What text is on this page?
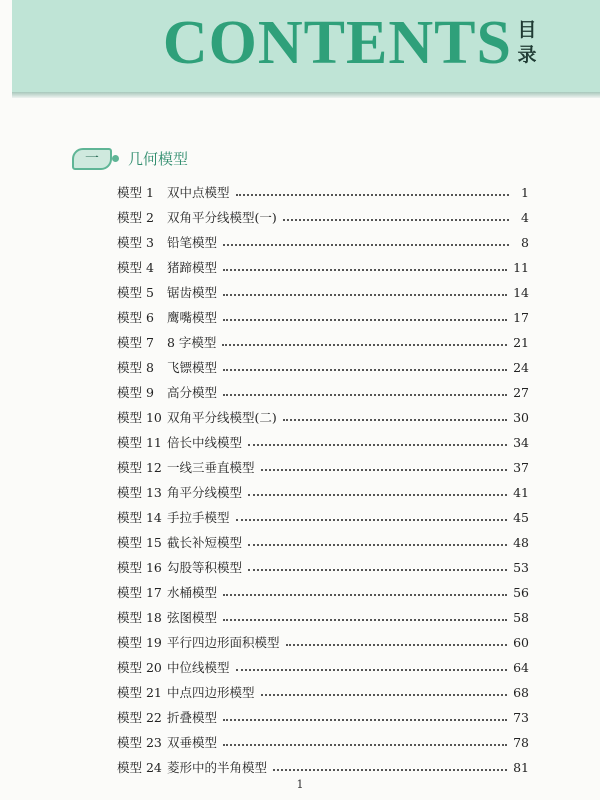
CONTENTS 目录
一	几何模型
模型 1	双中点模型	1
模型 2	双角平分线模型(一)	4
模型 3	铅笔模型	8
模型 4	猪蹄模型	11
模型 5	锯齿模型	14
模型 6	鹰嘴模型	17
模型 7	8 字模型	21
模型 8	飞镖模型	24
模型 9	高分模型	27
模型 10 双角平分线模型(二)	30
模型 11 倍长中线模型	34
模型 12 一线三垂直模型	37
模型 13 角平分线模型	41
模型 14 手拉手模型	45
模型 15 截长补短模型	48
模型 16 勾股等积模型	53
模型 17 水桶模型	56
模型 18 弦图模型	58
模型 19 平行四边形面积模型	60
模型 20 中位线模型	64
模型 21 中点四边形模型	68
模型 22 折叠模型	73
模型 23 双垂模型	78
模型 24 菱形中的半角模型	81
1
